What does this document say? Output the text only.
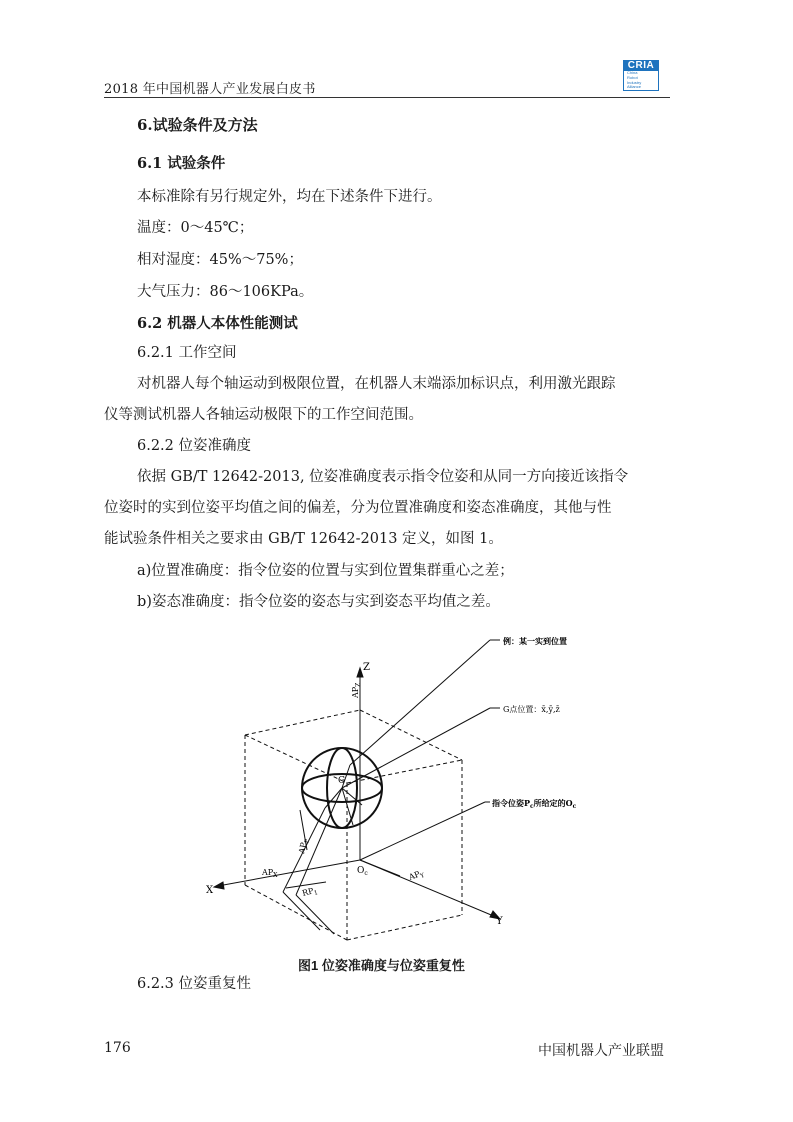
2018 年中国机器人产业发展白皮书
CRIA
China
Robot
Industry
Alliance
6.试验条件及方法
6.1 试验条件
本标准除有另行规定外，均在下述条件下进行。
温度：0～45℃；
相对湿度：45%～75%；
大气压力：86～106KPa。
6.2 机器人本体性能测试
6.2.1 工作空间
对机器人每个轴运动到极限位置，在机器人末端添加标识点，利用激光跟踪
仪等测试机器人各轴运动极限下的工作空间范围。
6.2.2 位姿准确度
依据 GB/T 12642-2013, 位姿准确度表示指令位姿和从同一方向接近该指令
位姿时的实到位姿平均值之间的偏差，分为位置准确度和姿态准确度，其他与性
能试验条件相关之要求由 GB/T 12642-2013 定义，如图 1。
a)位置准确度：指令位姿的位置与实到位置集群重心之差；
b)姿态准确度：指令位姿的姿态与实到姿态平均值之差。
Z
X
Y
G
$O_c$
$AP_Z$
$AP_X$	$AP_Y$
$AP_P$
$RP_1$
例：某一实到位置
G点位置：x̄,ȳ,z̄
指令位姿$P_c$所给定的$O_c$
图1 位姿准确度与位姿重复性
6.2.3 位姿重复性
176	中国机器人产业联盟
